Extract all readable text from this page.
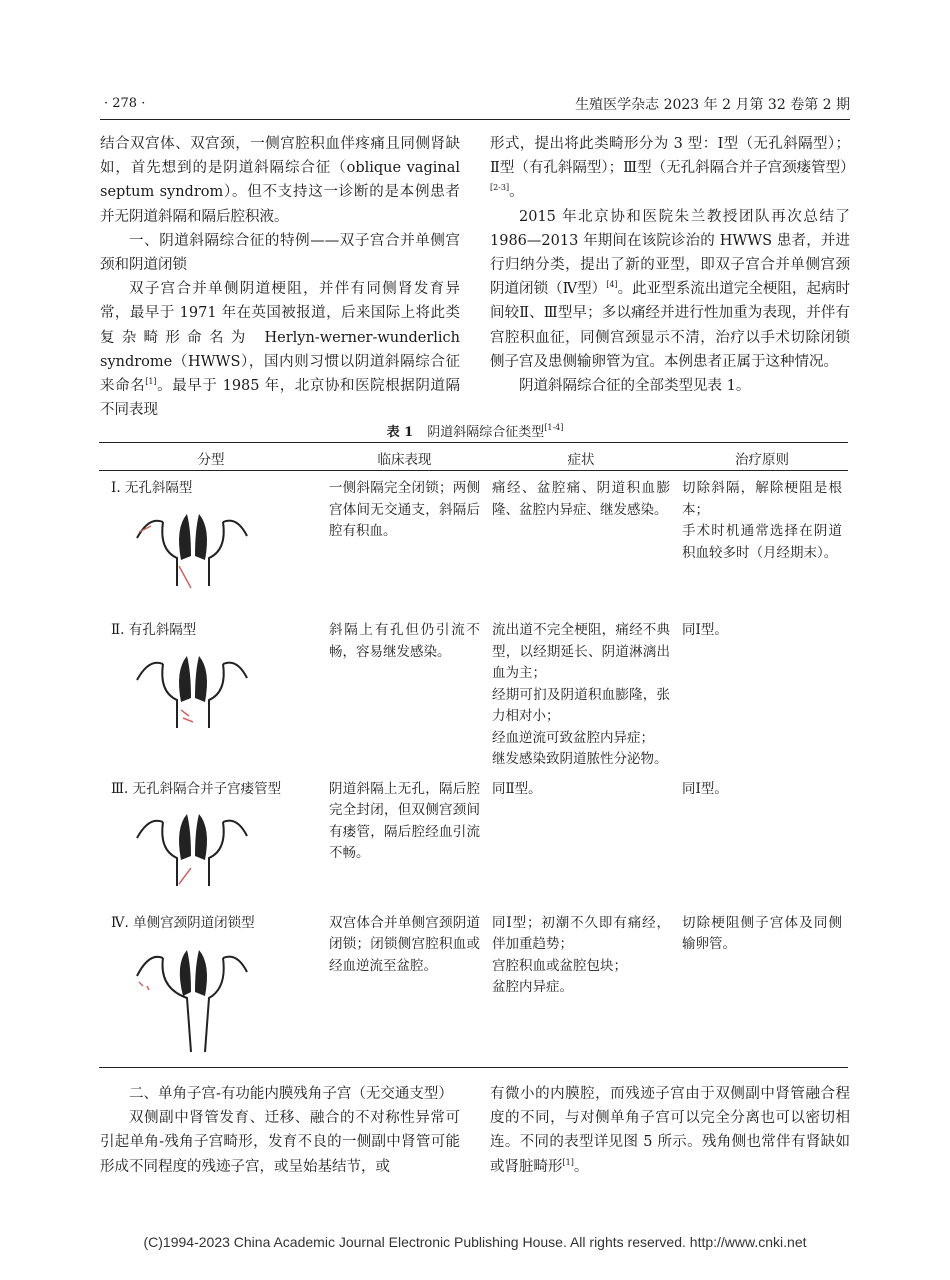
· 278 ·	生殖医学杂志 2023 年 2 月第 32 卷第 2 期

结合双宫体、双宫颈，一侧宫腔积血伴疼痛且同侧肾缺如，首先想到的是阴道斜隔综合征（oblique vaginal septum syndrom）。但不支持这一诊断的是本例患者并无阴道斜隔和隔后腔积液。

一、阴道斜隔综合征的特例——双子宫合并单侧宫颈和阴道闭锁

双子宫合并单侧阴道梗阻，并伴有同侧肾发育异常，最早于 1971 年在英国被报道，后来国际上将此类复杂畸形命名为 Herlyn-werner-wunderlich syndrome（HWWS），国内则习惯以阴道斜隔综合征来命名[1]。最早于 1985 年，北京协和医院根据阴道隔不同表现

形式，提出将此类畸形分为 3 型：Ⅰ型（无孔斜隔型）；Ⅱ型（有孔斜隔型）；Ⅲ型（无孔斜隔合并子宫颈瘘管型）[2-3]。

2015 年北京协和医院朱兰教授团队再次总结了 1986—2013 年期间在该院诊治的 HWWS 患者，并进行归纳分类，提出了新的亚型，即双子宫合并单侧宫颈阴道闭锁（Ⅳ型）[4]。此亚型系流出道完全梗阻，起病时间较Ⅱ、Ⅲ型早；多以痛经并进行性加重为表现，并伴有宫腔积血征，同侧宫颈显示不清，治疗以手术切除闭锁侧子宫及患侧输卵管为宜。本例患者正属于这种情况。

阴道斜隔综合征的全部类型见表 1。

表 1 阴道斜隔综合征类型[1-4]
分型	临床表现	症状	治疗原则

Ⅰ. 无孔斜隔型	一侧斜隔完全闭锁；两侧宫体间无交通支，斜隔后腔有积血。	痛经、盆腔痛、阴道积血膨隆、盆腔内异症、继发感染。	切除斜隔，解除梗阻是根本；

手术时机通常选择在阴道积血较多时（月经期末）。

Ⅱ. 有孔斜隔型	斜隔上有孔但仍引流不畅，容易继发感染。	流出道不完全梗阻，痛经不典型，以经期延长、阴道淋漓出血为主；

经期可扪及阴道积血膨隆，张力相对小；

经血逆流可致盆腔内异症；

继发感染致阴道脓性分泌物。	同Ⅰ型。

Ⅲ. 无孔斜隔合并子宫瘘管型	阴道斜隔上无孔，隔后腔完全封闭，但双侧宫颈间有瘘管，隔后腔经血引流不畅。	同Ⅱ型。	同Ⅰ型。

Ⅳ. 单侧宫颈阴道闭锁型	双宫体合并单侧宫颈阴道闭锁；闭锁侧宫腔积血或经血逆流至盆腔。	同Ⅰ型；初潮不久即有痛经，伴加重趋势；

宫腔积血或盆腔包块；

盆腔内异症。	切除梗阻侧子宫体及同侧输卵管。

二、单角子宫-有功能内膜残角子宫（无交通支型）

双侧副中肾管发育、迁移、融合的不对称性异常可引起单角-残角子宫畸形，发育不良的一侧副中肾管可能形成不同程度的残迹子宫，或呈始基结节，或

有微小的内膜腔，而残迹子宫由于双侧副中肾管融合程度的不同，与对侧单角子宫可以完全分离也可以密切相连。不同的表型详见图 5 所示。残角侧也常伴有肾缺如或肾脏畸形[1]。

(C)1994-2023 China Academic Journal Electronic Publishing House. All rights reserved. http://www.cnki.net
